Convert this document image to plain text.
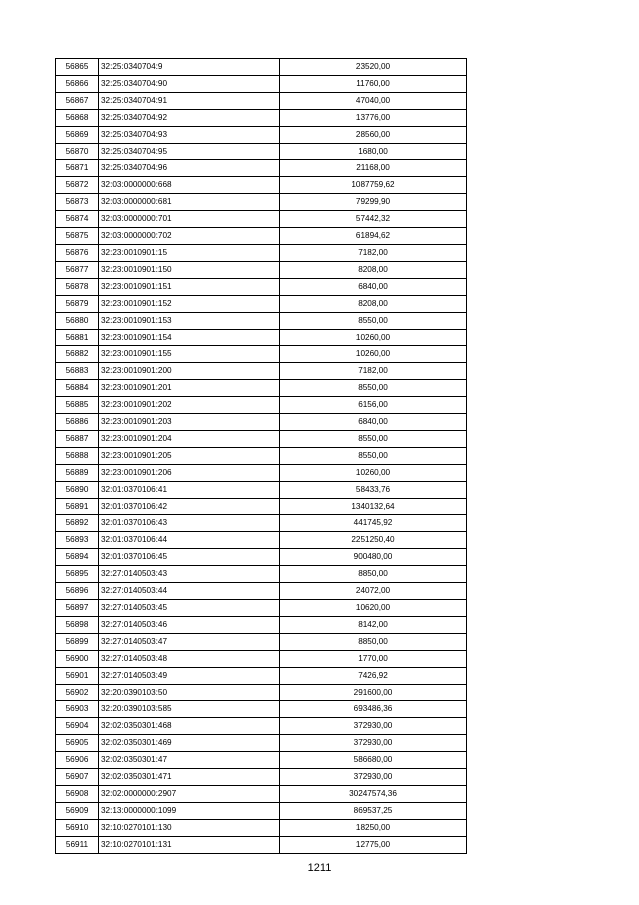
56865	32:25:0340704:9	23520,00
56866	32:25:0340704:90	11760,00
56867	32:25:0340704:91	47040,00
56868	32:25:0340704:92	13776,00
56869	32:25:0340704:93	28560,00
56870	32:25:0340704:95	1680,00
56871	32:25:0340704:96	21168,00
56872	32:03:0000000:668	1087759,62
56873	32:03:0000000:681	79299,90
56874	32:03:0000000:701	57442,32
56875	32:03:0000000:702	61894,62
56876	32:23:0010901:15	7182,00
56877	32:23:0010901:150	8208,00
56878	32:23:0010901:151	6840,00
56879	32:23:0010901:152	8208,00
56880	32:23:0010901:153	8550,00
56881	32:23:0010901:154	10260,00
56882	32:23:0010901:155	10260,00
56883	32:23:0010901:200	7182,00
56884	32:23:0010901:201	8550,00
56885	32:23:0010901:202	6156,00
56886	32:23:0010901:203	6840,00
56887	32:23:0010901:204	8550,00
56888	32:23:0010901:205	8550,00
56889	32:23:0010901:206	10260,00
56890	32:01:0370106:41	58433,76
56891	32:01:0370106:42	1340132,64
56892	32:01:0370106:43	441745,92
56893	32:01:0370106:44	2251250,40
56894	32:01:0370106:45	900480,00
56895	32:27:0140503:43	8850,00
56896	32:27:0140503:44	24072,00
56897	32:27:0140503:45	10620,00
56898	32:27:0140503:46	8142,00
56899	32:27:0140503:47	8850,00
56900	32:27:0140503:48	1770,00
56901	32:27:0140503:49	7426,92
56902	32:20:0390103:50	291600,00
56903	32:20:0390103:585	693486,36
56904	32:02:0350301:468	372930,00
56905	32:02:0350301:469	372930,00
56906	32:02:0350301:47	586680,00
56907	32:02:0350301:471	372930,00
56908	32:02:0000000:2907	30247574,36
56909	32:13:0000000:1099	869537,25
56910	32:10:0270101:130	18250,00
56911	32:10:0270101:131	12775,00
1211
